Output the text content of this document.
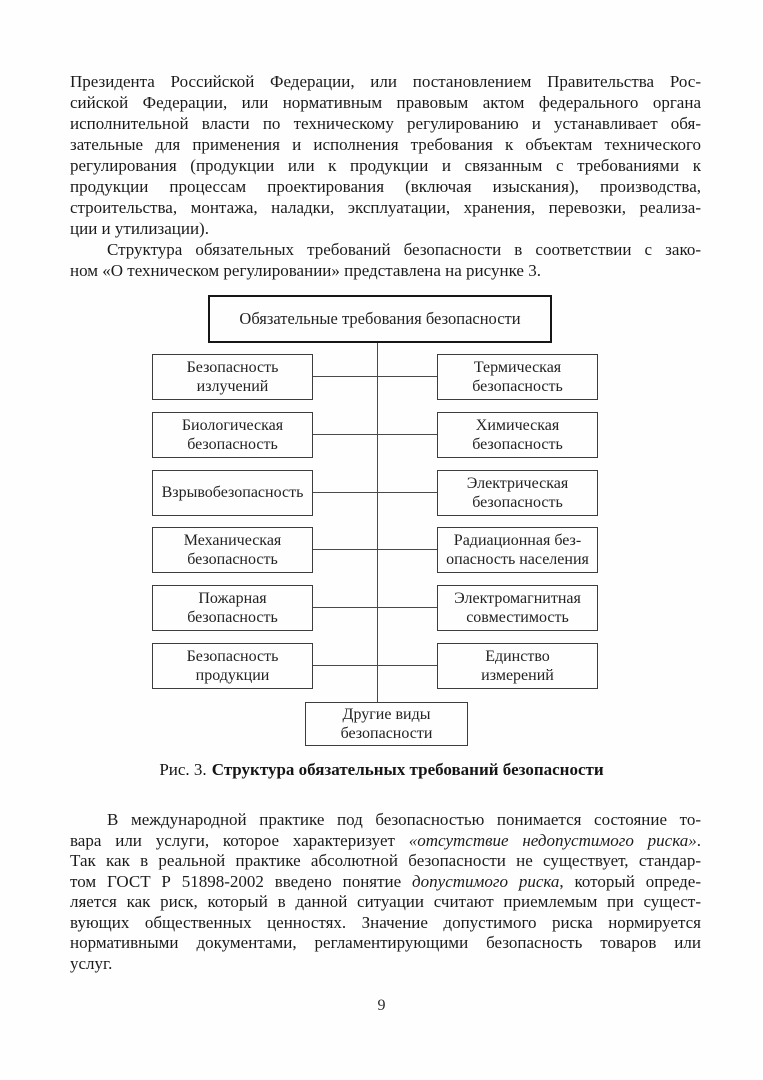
Президента Российской Федерации, или постановлением Правительства Рос-
сийской Федерации, или нормативным правовым актом федерального органа
исполнительной власти по техническому регулированию и устанавливает обя-
зательные для применения и исполнения требования к объектам технического
регулирования (продукции или к продукции и связанным с требованиями к
продукции процессам проектирования (включая изыскания), производства,
строительства, монтажа, наладки, эксплуатации, хранения, перевозки, реализа-
ции и утилизации).
Структура обязательных требований безопасности в соответствии с зако-
ном «О техническом регулировании» представлена на рисунке 3.
Обязательные требования безопасности
Безопасность
излучений
Биологическая
безопасность
Взрывобезопасность
Механическая
безопасность
Пожарная
безопасность
Безопасность
продукции
Термическая
безопасность
Химическая
безопасность
Электрическая
безопасность
Радиационная без-
опасность населения
Электромагнитная
совместимость
Единство
измерений
Другие виды
безопасности
Рис. 3. Структура обязательных требований безопасности
В международной практике под безопасностью понимается состояние то-
вара или услуги, которое характеризует «отсутствие недопустимого риска».
Так как в реальной практике абсолютной безопасности не существует, стандар-
том ГОСТ Р 51898-2002 введено понятие допустимого риска, который опреде-
ляется как риск, который в данной ситуации считают приемлемым при сущест-
вующих общественных ценностях. Значение допустимого риска нормируется
нормативными документами, регламентирующими безопасность товаров или
услуг.
9
